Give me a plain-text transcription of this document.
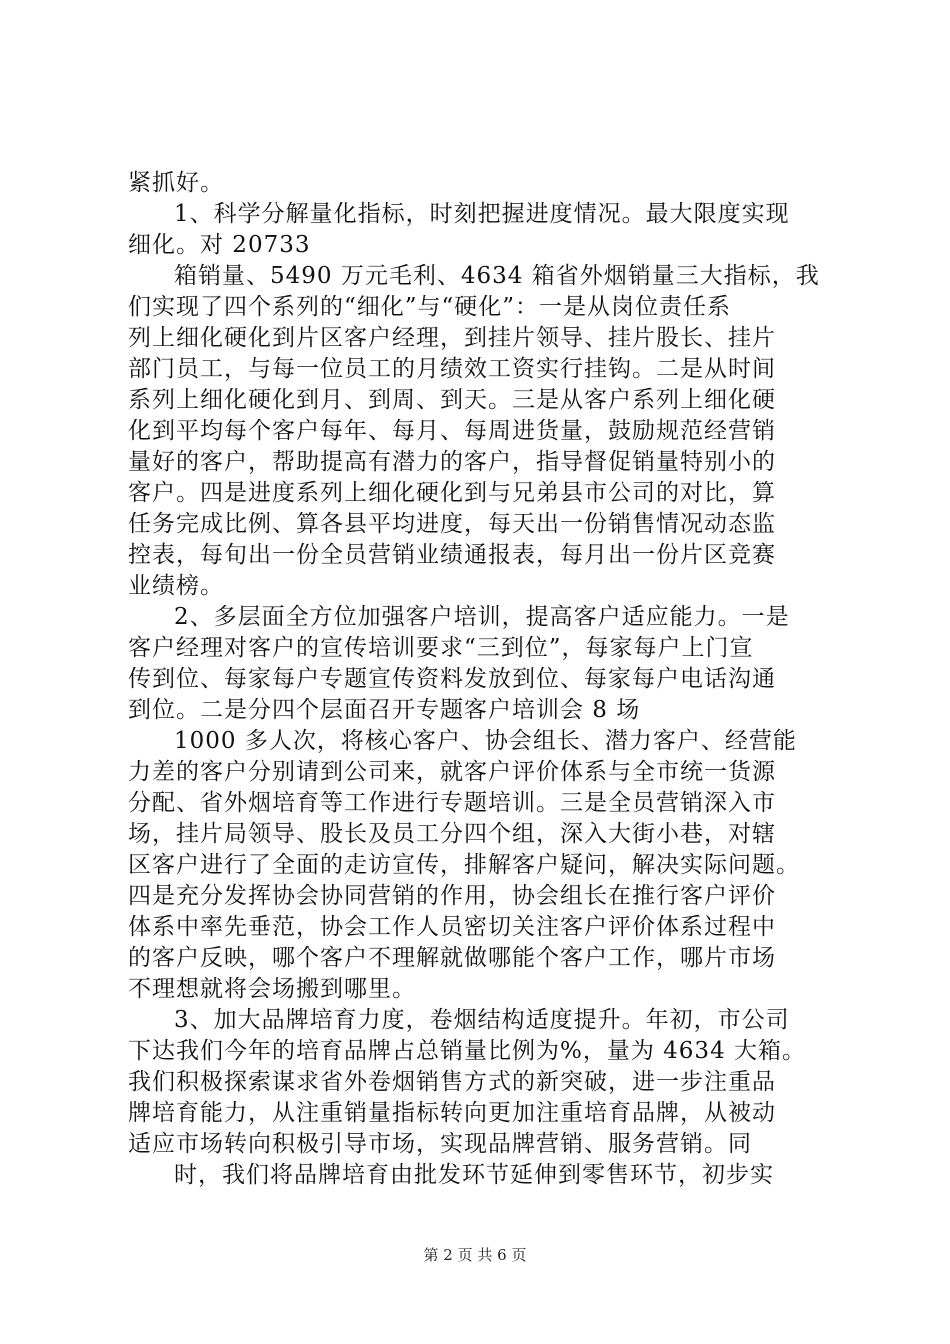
紧抓好。
1、科学分解量化指标，时刻把握进度情况。最大限度实现
细化。对 20733
箱销量、5490 万元毛利、4634 箱省外烟销量三大指标，我
们实现了四个系列的“细化”与“硬化”：一是从岗位责任系
列上细化硬化到片区客户经理，到挂片领导、挂片股长、挂片
部门员工，与每一位员工的月绩效工资实行挂钩。二是从时间
系列上细化硬化到月、到周、到天。三是从客户系列上细化硬
化到平均每个客户每年、每月、每周进货量，鼓励规范经营销
量好的客户，帮助提高有潜力的客户，指导督促销量特别小的
客户。四是进度系列上细化硬化到与兄弟县市公司的对比，算
任务完成比例、算各县平均进度，每天出一份销售情况动态监
控表，每旬出一份全员营销业绩通报表，每月出一份片区竞赛
业绩榜。
2、多层面全方位加强客户培训，提高客户适应能力。一是
客户经理对客户的宣传培训要求“三到位”，每家每户上门宣
传到位、每家每户专题宣传资料发放到位、每家每户电话沟通
到位。二是分四个层面召开专题客户培训会 8 场
1000 多人次，将核心客户、协会组长、潜力客户、经营能
力差的客户分别请到公司来，就客户评价体系与全市统一货源
分配、省外烟培育等工作进行专题培训。三是全员营销深入市
场，挂片局领导、股长及员工分四个组，深入大街小巷，对辖
区客户进行了全面的走访宣传，排解客户疑问，解决实际问题。
四是充分发挥协会协同营销的作用，协会组长在推行客户评价
体系中率先垂范，协会工作人员密切关注客户评价体系过程中
的客户反映，哪个客户不理解就做哪能个客户工作，哪片市场
不理想就将会场搬到哪里。
3、加大品牌培育力度，卷烟结构适度提升。年初，市公司
下达我们今年的培育品牌占总销量比例为%，量为 4634 大箱。
我们积极探索谋求省外卷烟销售方式的新突破，进一步注重品
牌培育能力，从注重销量指标转向更加注重培育品牌，从被动
适应市场转向积极引导市场，实现品牌营销、服务营销。同
时，我们将品牌培育由批发环节延伸到零售环节，初步实
第 2 页 共 6 页
